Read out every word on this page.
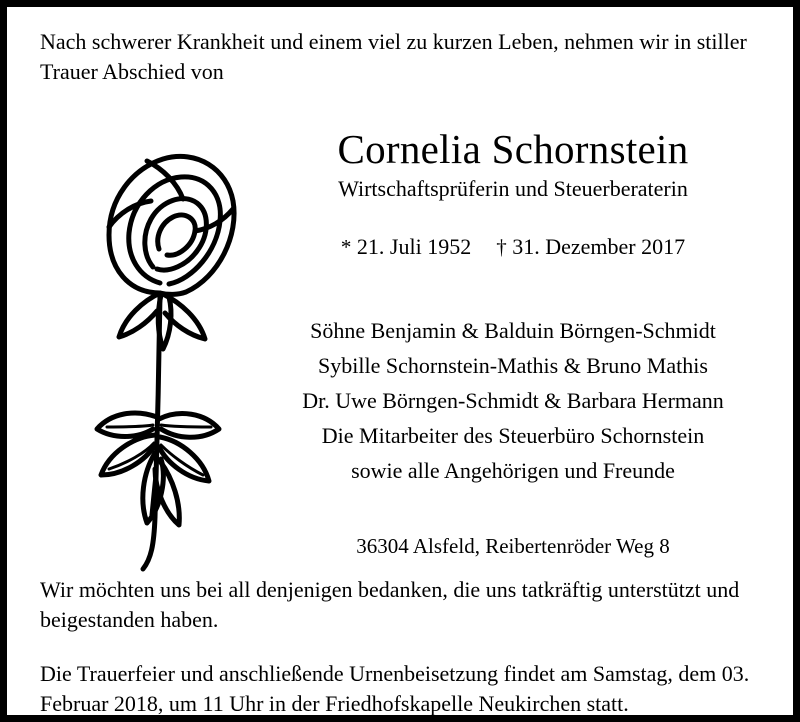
Nach schwerer Krankheit und einem viel zu kurzen Leben, nehmen wir in stiller Trauer Abschied von
Cornelia Schornstein
Wirtschaftsprüferin und Steuerberaterin
* 21. Juli 1952 † 31. Dezember 2017
Söhne Benjamin & Balduin Börngen-Schmidt
Sybille Schornstein-Mathis & Bruno Mathis
Dr. Uwe Börngen-Schmidt & Barbara Hermann
Die Mitarbeiter des Steuerbüro Schornstein
sowie alle Angehörigen und Freunde
36304 Alsfeld, Reibertenröder Weg 8

Wir möchten uns bei all denjenigen bedanken, die uns tatkräftig unterstützt und beigestanden haben.

Die Trauerfeier und anschließende Urnenbeisetzung findet am Samstag, dem 03. Februar 2018, um 11 Uhr in der Friedhofskapelle Neukirchen statt.
